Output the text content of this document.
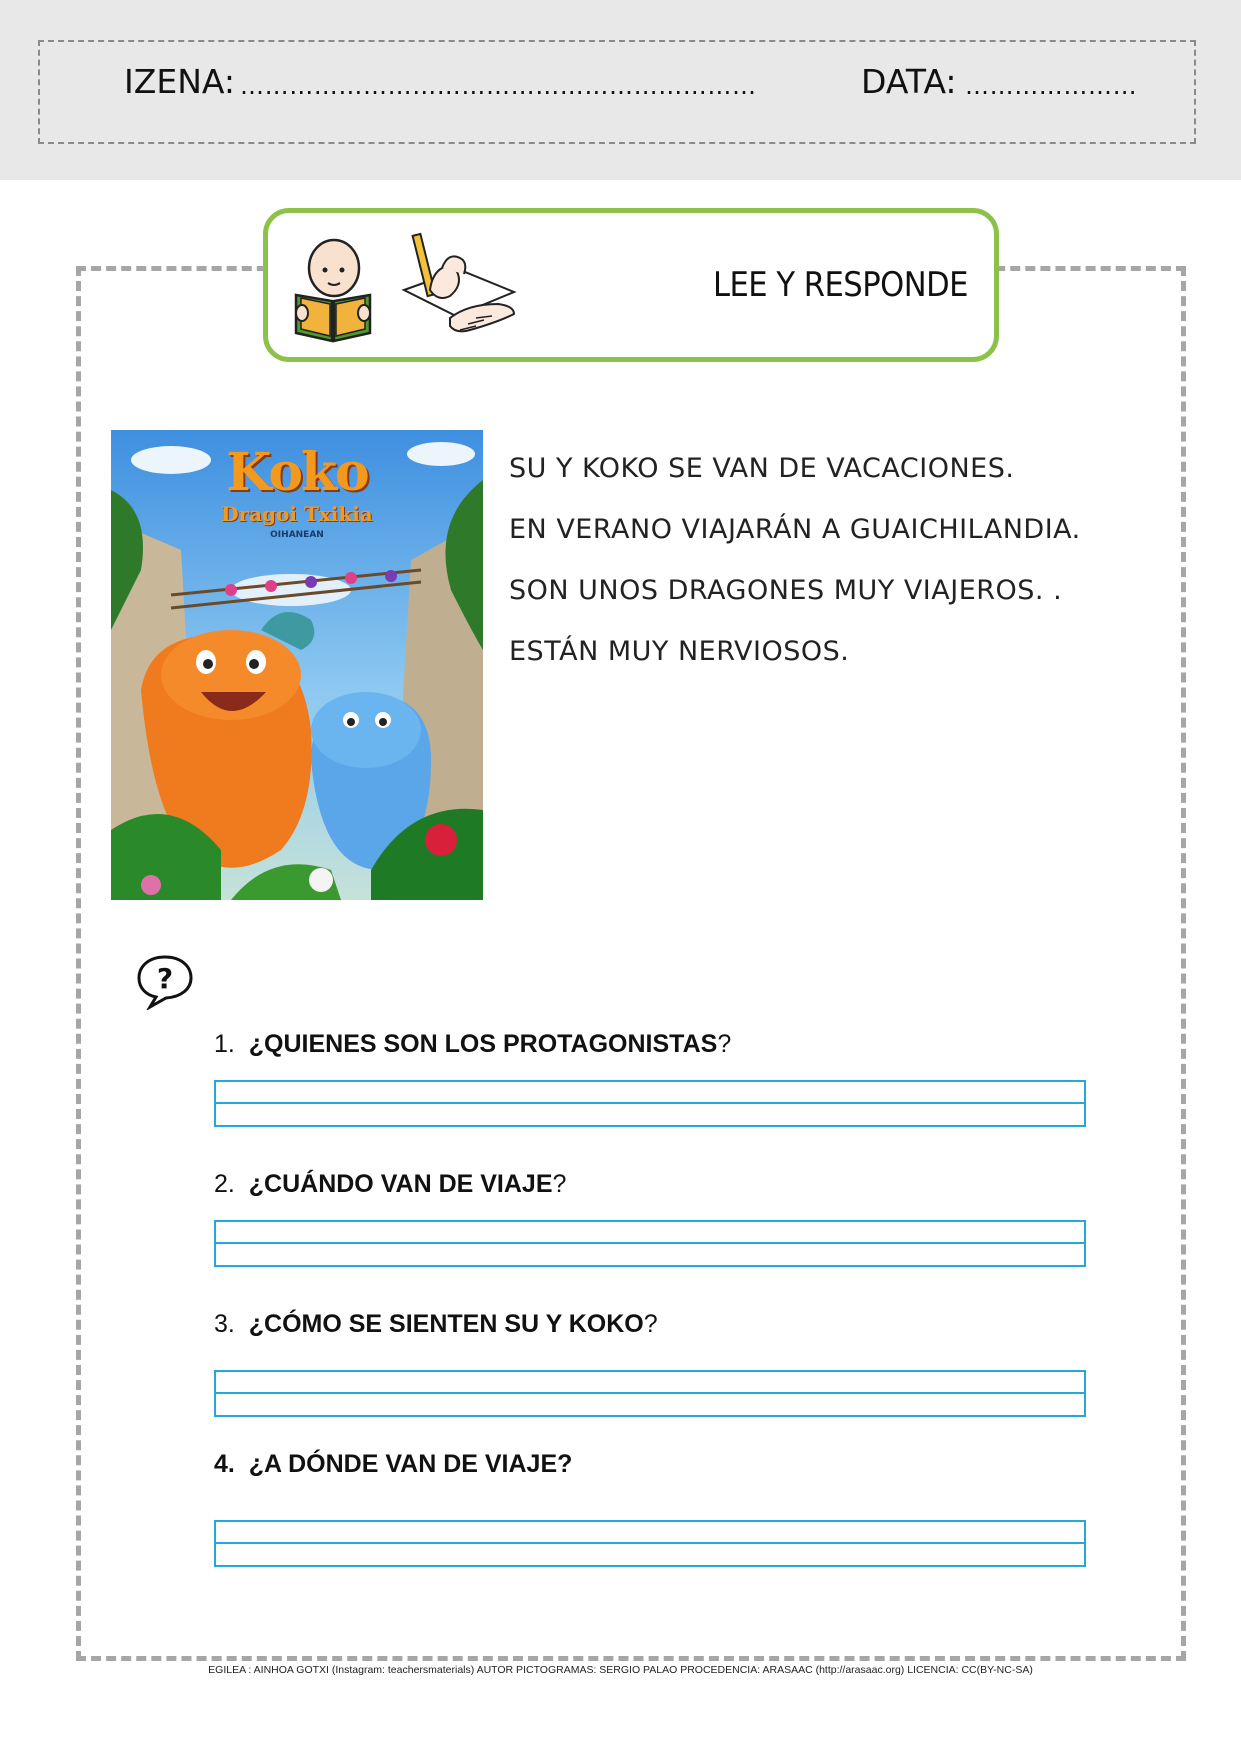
IZENA: ………………………………………………………	DATA: …………………
LEE Y RESPONDE
Koko
Dragoi Txikia
OIHANEAN
SU Y KOKO SE VAN DE VACACIONES.
EN VERANO VIAJARÁN A GUAICHILANDIA.
SON UNOS DRAGONES MUY VIAJEROS. .
ESTÁN MUY NERVIOSOS.
?
1. ¿QUIENES SON LOS PROTAGONISTAS?
2. ¿CUÁNDO VAN DE VIAJE?
3. ¿CÓMO SE SIENTEN SU Y KOKO?
4. ¿A DÓNDE VAN DE VIAJE?
EGILEA : AINHOA GOTXI (Instagram: teachersmaterials) AUTOR PICTOGRAMAS: SERGIO PALAO PROCEDENCIA: ARASAAC (http://arasaac.org) LICENCIA: CC(BY-NC-SA)
